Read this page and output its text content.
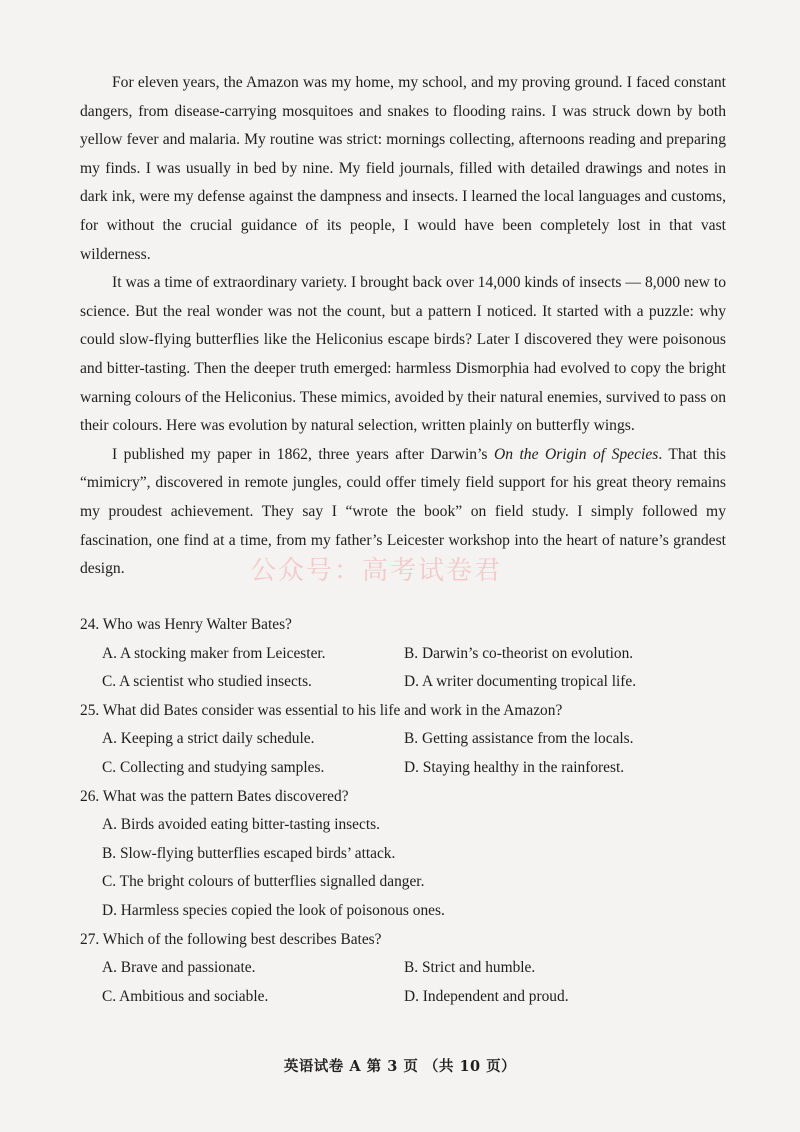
For eleven years, the Amazon was my home, my school, and my proving ground. I faced constant dangers, from disease-carrying mosquitoes and snakes to flooding rains. I was struck down by both yellow fever and malaria. My routine was strict: mornings collecting, afternoons reading and preparing my finds. I was usually in bed by nine. My field journals, filled with detailed drawings and notes in dark ink, were my defense against the dampness and insects. I learned the local languages and customs, for without the crucial guidance of its people, I would have been completely lost in that vast wilderness.

It was a time of extraordinary variety. I brought back over 14,000 kinds of insects — 8,000 new to science. But the real wonder was not the count, but a pattern I noticed. It started with a puzzle: why could slow-flying butterflies like the Heliconius escape birds? Later I discovered they were poisonous and bitter-tasting. Then the deeper truth emerged: harmless Dismorphia had evolved to copy the bright warning colours of the Heliconius. These mimics, avoided by their natural enemies, survived to pass on their colours. Here was evolution by natural selection, written plainly on butterfly wings.

I published my paper in 1862, three years after Darwin’s On the Origin of Species. That this “mimicry”, discovered in remote jungles, could offer timely field support for his great theory remains my proudest achievement. They say I “wrote the book” on field study. I simply followed my fascination, one find at a time, from my father’s Leicester workshop into the heart of nature’s grandest design.	公众号：高考试卷君
24. Who was Henry Walter Bates?
A. A stocking maker from Leicester.	B. Darwin’s co-theorist on evolution.
C. A scientist who studied insects.	D. A writer documenting tropical life.
25. What did Bates consider was essential to his life and work in the Amazon?
A. Keeping a strict daily schedule.	B. Getting assistance from the locals.
C. Collecting and studying samples.	D. Staying healthy in the rainforest.
26. What was the pattern Bates discovered?
A. Birds avoided eating bitter-tasting insects.
B. Slow-flying butterflies escaped birds’ attack.
C. The bright colours of butterflies signalled danger.
D. Harmless species copied the look of poisonous ones.
27. Which of the following best describes Bates?
A. Brave and passionate.	B. Strict and humble.
C. Ambitious and sociable.	D. Independent and proud.
英语试卷 A 第 3 页 （共 10 页）
